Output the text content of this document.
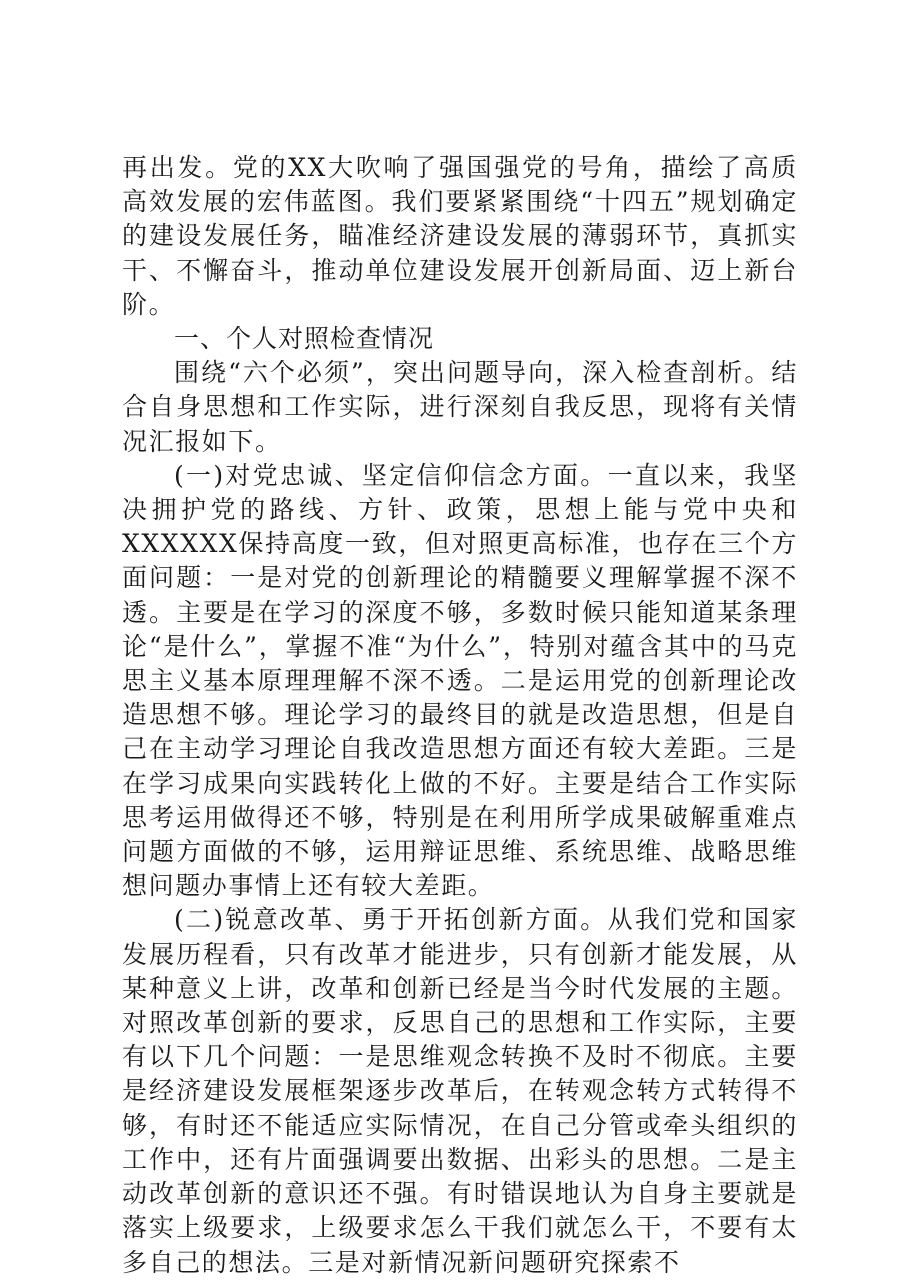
再出发。党的XX大吹响了强国强党的号角，描绘了高质高效发展的宏伟蓝图。我们要紧紧围绕“十四五”规划确定的建设发展任务，瞄准经济建设发展的薄弱环节，真抓实干、不懈奋斗，推动单位建设发展开创新局面、迈上新台阶。

一、个人对照检查情况

围绕“六个必须”，突出问题导向，深入检查剖析。结合自身思想和工作实际，进行深刻自我反思，现将有关情况汇报如下。

(一)对党忠诚、坚定信仰信念方面。一直以来，我坚决拥护党的路线、方针、政策，思想上能与党中央和XXXXXX保持高度一致，但对照更高标准，也存在三个方面问题：一是对党的创新理论的精髓要义理解掌握不深不透。主要是在学习的深度不够，多数时候只能知道某条理论“是什么”，掌握不准“为什么”，特别对蕴含其中的马克思主义基本原理理解不深不透。二是运用党的创新理论改造思想不够。理论学习的最终目的就是改造思想，但是自己在主动学习理论自我改造思想方面还有较大差距。三是在学习成果向实践转化上做的不好。主要是结合工作实际思考运用做得还不够，特别是在利用所学成果破解重难点问题方面做的不够，运用辩证思维、系统思维、战略思维想问题办事情上还有较大差距。

(二)锐意改革、勇于开拓创新方面。从我们党和国家发展历程看，只有改革才能进步，只有创新才能发展，从某种意义上讲，改革和创新已经是当今时代发展的主题。对照改革创新的要求，反思自己的思想和工作实际，主要有以下几个问题：一是思维观念转换不及时不彻底。主要是经济建设发展框架逐步改革后，在转观念转方式转得不够，有时还不能适应实际情况，在自己分管或牵头组织的工作中，还有片面强调要出数据、出彩头的思想。二是主动改革创新的意识还不强。有时错误地认为自身主要就是落实上级要求，上级要求怎么干我们就怎么干，不要有太多自己的想法。三是对新情况新问题研究探索不
